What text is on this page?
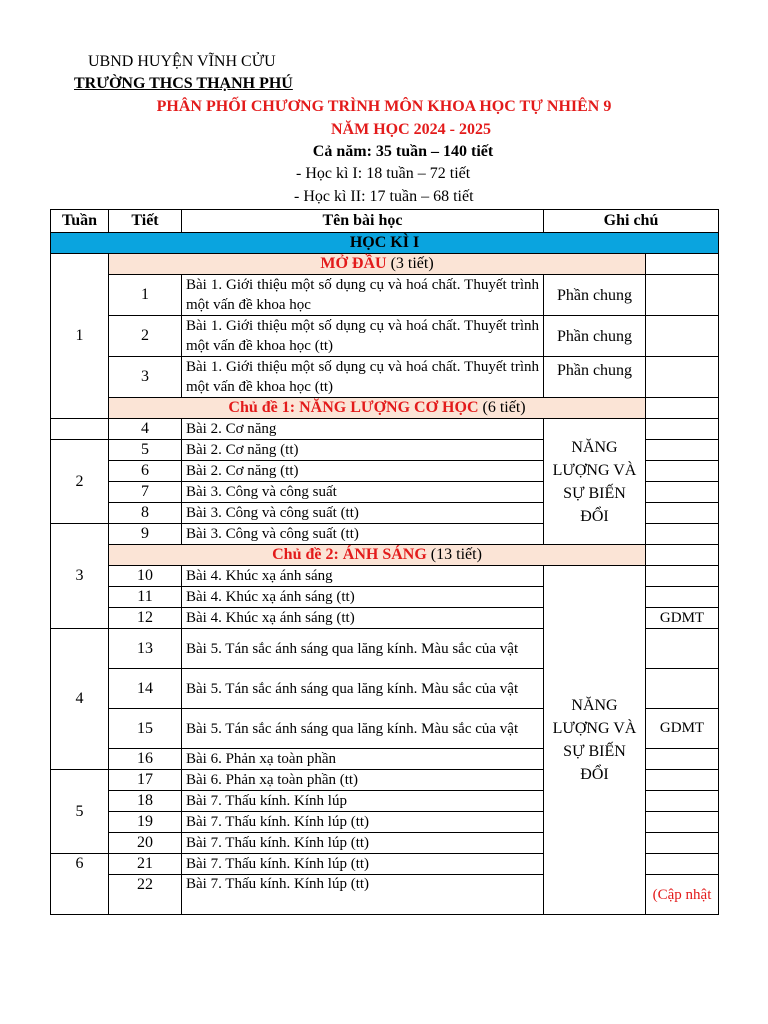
UBND HUYỆN VĨNH CỬU
TRƯỜNG THCS THẠNH PHÚ
PHÂN PHỐI CHƯƠNG TRÌNH MÔN KHOA HỌC TỰ NHIÊN 9
NĂM HỌC 2024 - 2025
Cả năm: 35 tuần – 140 tiết
- Học kì I: 18 tuần – 72 tiết
- Học kì II: 17 tuần – 68 tiết
Tuần	Tiết	Tên bài học	Ghi chú	
HỌC KÌ I				
1	MỞ ĐẦU (3 tiết)			
	1	Bài 1. Giới thiệu một số dụng cụ và hoá chất. Thuyết trình một vấn đề khoa học	Phần chung	
	2	Bài 1. Giới thiệu một số dụng cụ và hoá chất. Thuyết trình một vấn đề khoa học (tt)	Phần chung	
	3	Bài 1. Giới thiệu một số dụng cụ và hoá chất. Thuyết trình một vấn đề khoa học (tt)	Phần chung	
	Chủ đề 1: NĂNG LƯỢNG CƠ HỌC (6 tiết)			
	4	Bài 2. Cơ năng	NĂNG LƯỢNG VÀ SỰ BIẾN ĐỔI	
2	5	Bài 2. Cơ năng (tt)		
	6	Bài 2. Cơ năng (tt)		
	7	Bài 3. Công và công suất		
	8	Bài 3. Công và công suất (tt)		
3	9	Bài 3. Công và công suất (tt)		
	Chủ đề 2: ÁNH SÁNG (13 tiết)			
	10	Bài 4. Khúc xạ ánh sáng	NĂNG LƯỢNG VÀ SỰ BIẾN ĐỔI	
	11	Bài 4. Khúc xạ ánh sáng (tt)		
	12	Bài 4. Khúc xạ ánh sáng (tt)		GDMT
4	13	Bài 5. Tán sắc ánh sáng qua lăng kính. Màu sắc của vật		
	14	Bài 5. Tán sắc ánh sáng qua lăng kính. Màu sắc của vật		
	15	Bài 5. Tán sắc ánh sáng qua lăng kính. Màu sắc của vật		GDMT
	16	Bài 6. Phản xạ toàn phần		
5	17	Bài 6. Phản xạ toàn phần (tt)		
	18	Bài 7. Thấu kính. Kính lúp		
	19	Bài 7. Thấu kính. Kính lúp (tt)		
	20	Bài 7. Thấu kính. Kính lúp (tt)		
6	21	Bài 7. Thấu kính. Kính lúp (tt)		
	22	Bài 7. Thấu kính. Kính lúp (tt)		(Cập nhật
